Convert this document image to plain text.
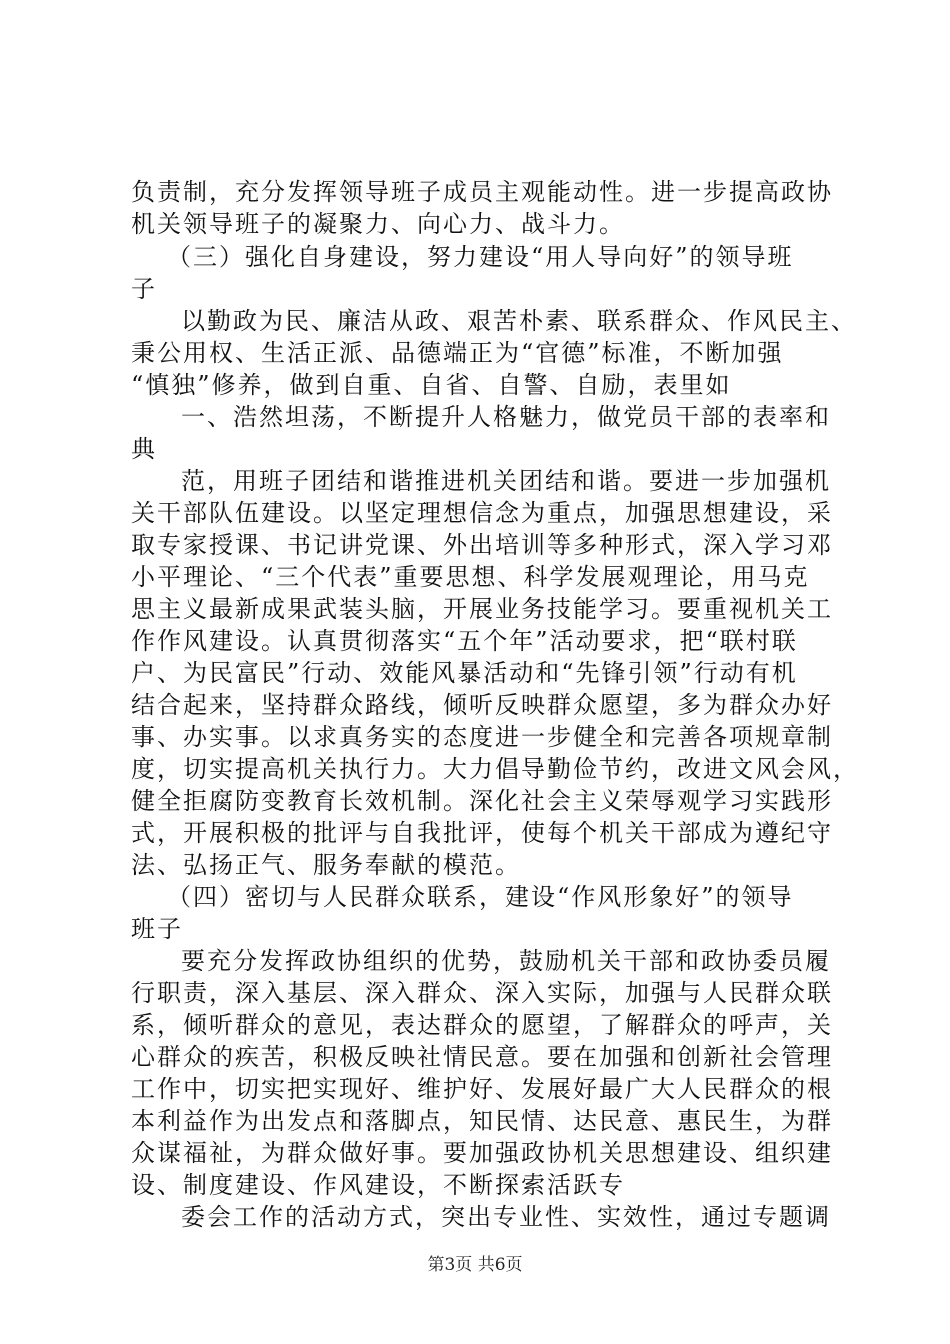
负责制，充分发挥领导班子成员主观能动性。进一步提高政协
机关领导班子的凝聚力、向心力、战斗力。
（三）强化自身建设，努力建设“用人导向好”的领导班
子
以勤政为民、廉洁从政、艰苦朴素、联系群众、作风民主、
秉公用权、生活正派、品德端正为“官德”标准，不断加强
“慎独”修养，做到自重、自省、自警、自励，表里如
一、浩然坦荡，不断提升人格魅力，做党员干部的表率和
典
范，用班子团结和谐推进机关团结和谐。要进一步加强机
关干部队伍建设。以坚定理想信念为重点，加强思想建设，采
取专家授课、书记讲党课、外出培训等多种形式，深入学习邓
小平理论、“三个代表”重要思想、科学发展观理论，用马克
思主义最新成果武装头脑，开展业务技能学习。要重视机关工
作作风建设。认真贯彻落实“五个年”活动要求，把“联村联
户、为民富民”行动、效能风暴活动和“先锋引领”行动有机
结合起来，坚持群众路线，倾听反映群众愿望，多为群众办好
事、办实事。以求真务实的态度进一步健全和完善各项规章制
度，切实提高机关执行力。大力倡导勤俭节约，改进文风会风，
健全拒腐防变教育长效机制。深化社会主义荣辱观学习实践形
式，开展积极的批评与自我批评，使每个机关干部成为遵纪守
法、弘扬正气、服务奉献的模范。
（四）密切与人民群众联系，建设“作风形象好”的领导
班子
要充分发挥政协组织的优势，鼓励机关干部和政协委员履
行职责，深入基层、深入群众、深入实际，加强与人民群众联
系，倾听群众的意见，表达群众的愿望，了解群众的呼声，关
心群众的疾苦，积极反映社情民意。要在加强和创新社会管理
工作中，切实把实现好、维护好、发展好最广大人民群众的根
本利益作为出发点和落脚点，知民情、达民意、惠民生，为群
众谋福祉，为群众做好事。要加强政协机关思想建设、组织建
设、制度建设、作风建设，不断探索活跃专
委会工作的活动方式，突出专业性、实效性，通过专题调
第3页 共6页
